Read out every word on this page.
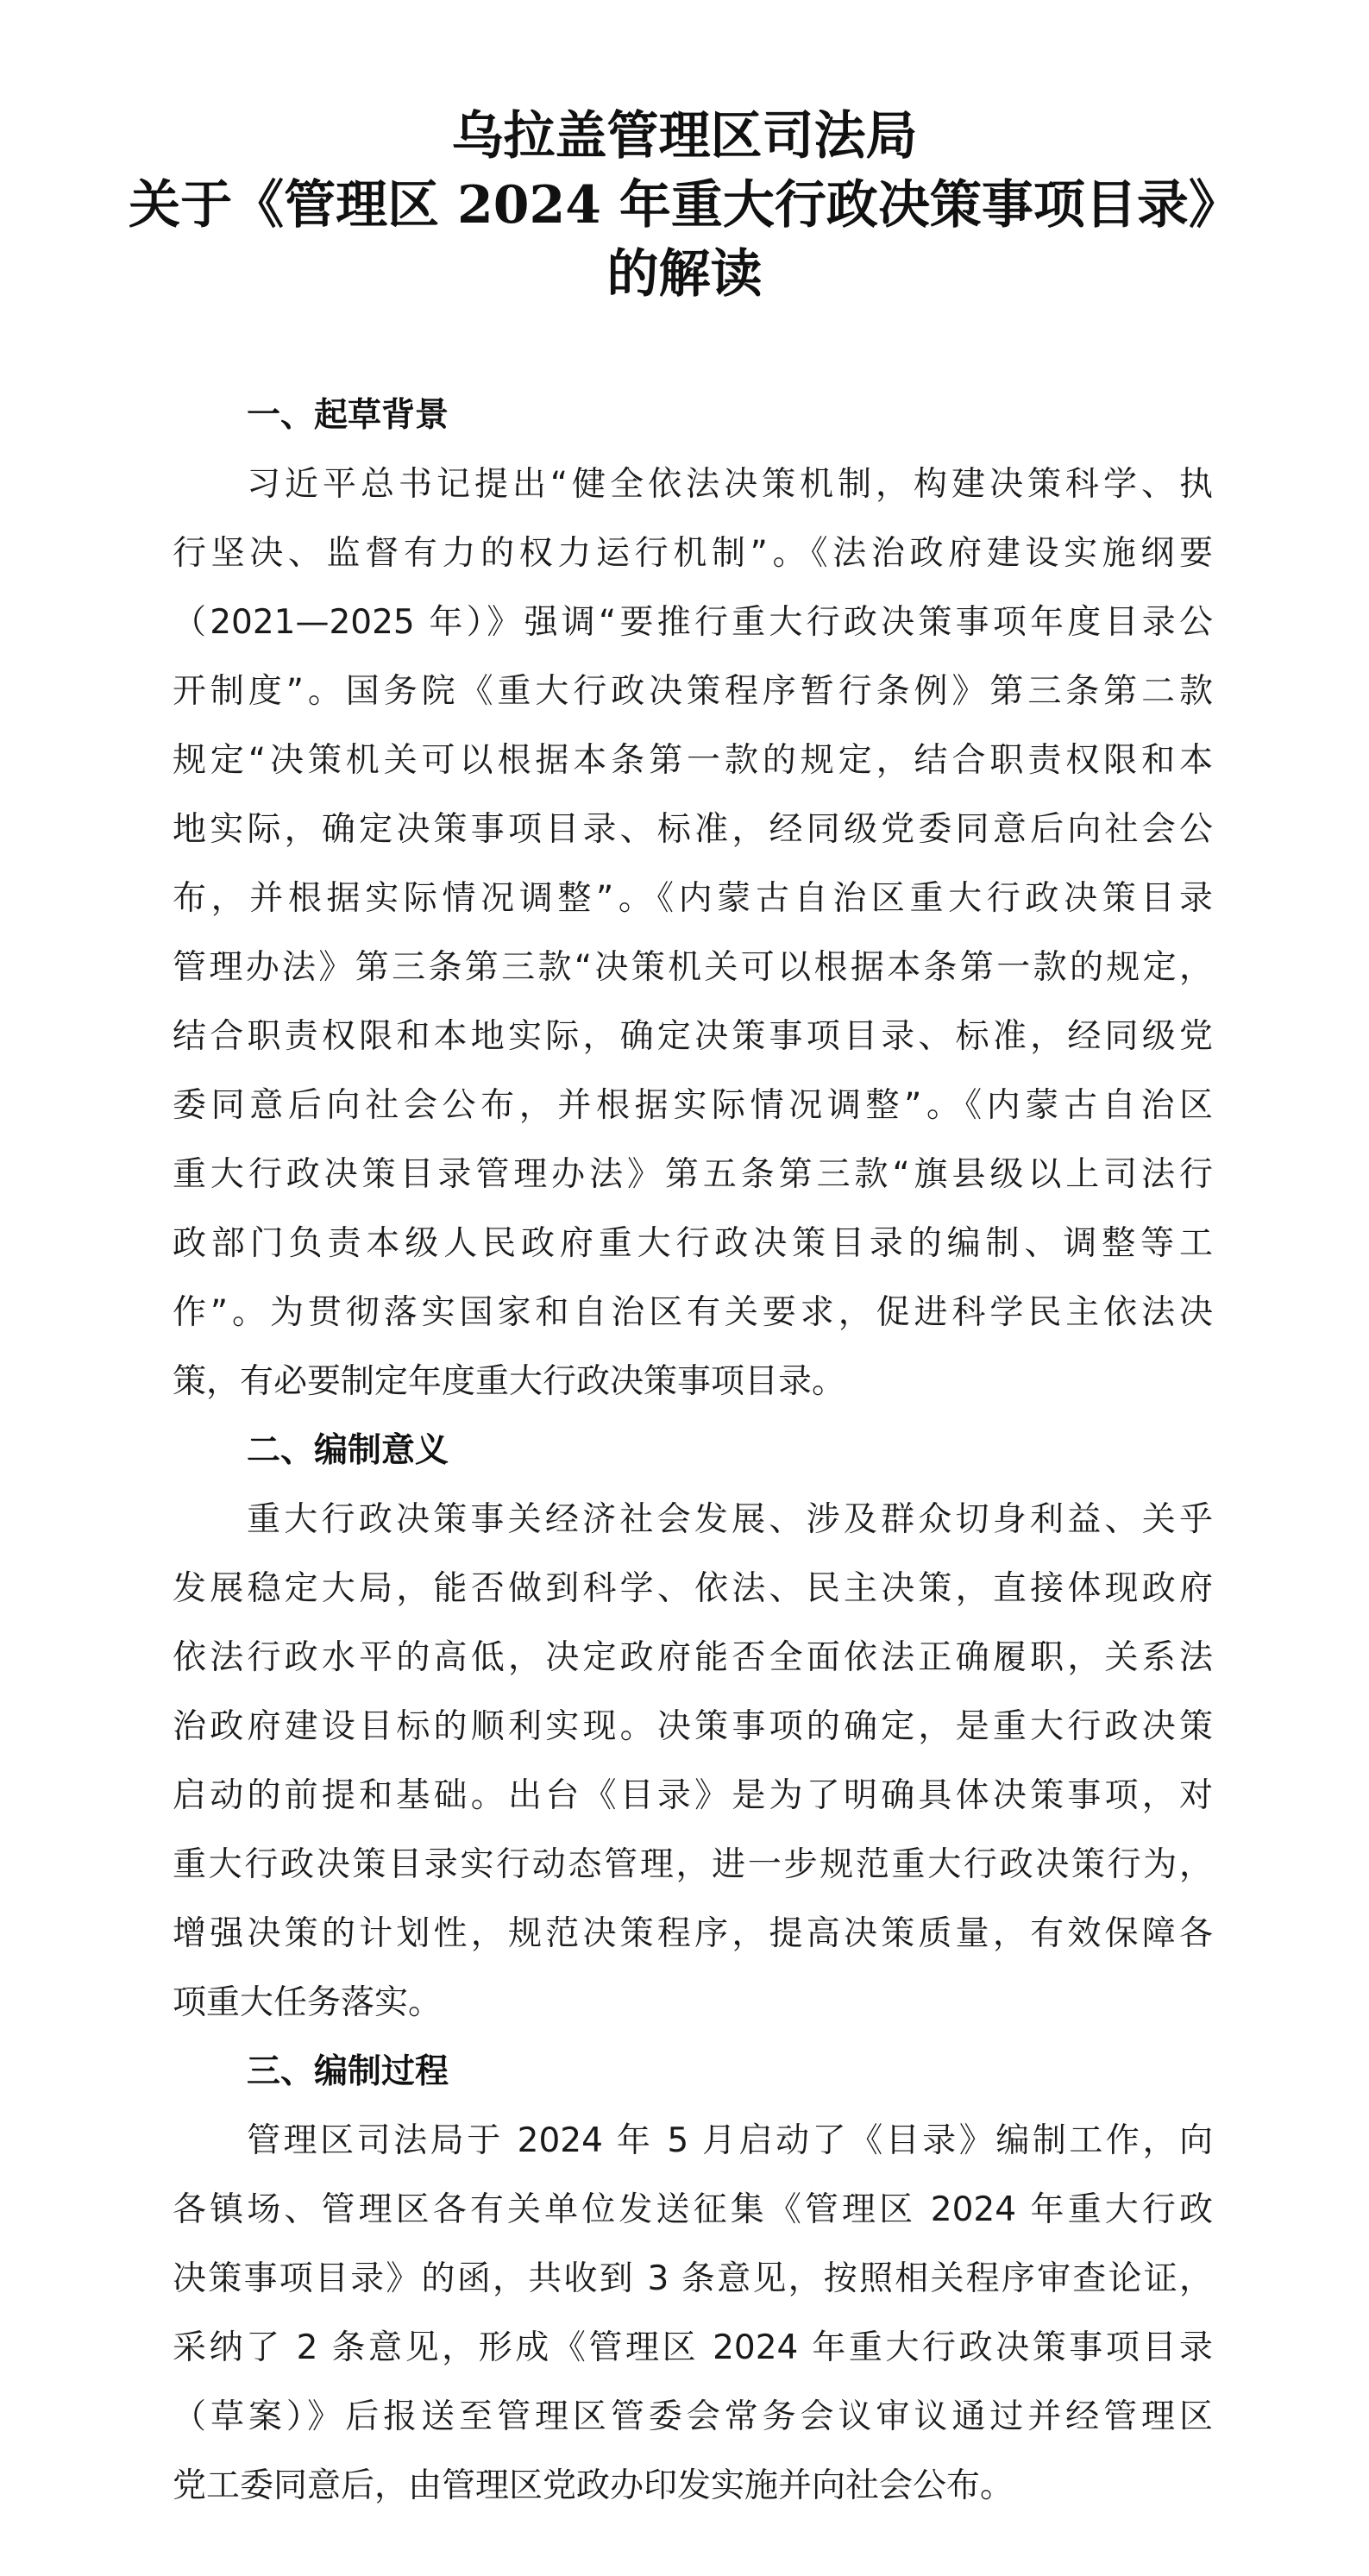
乌拉盖管理区司法局
关于《管理区 2024 年重大行政决策事项目录》
的解读
一、起草背景
习近平总书记提出“健全依法决策机制，构建决策科学、执
行坚决、监督有力的权力运行机制”。《法治政府建设实施纲要
（2021—2025 年）》强调“要推行重大行政决策事项年度目录公
开制度”。国务院《重大行政决策程序暂行条例》第三条第二款
规定“决策机关可以根据本条第一款的规定，结合职责权限和本
地实际，确定决策事项目录、标准，经同级党委同意后向社会公
布，并根据实际情况调整”。《内蒙古自治区重大行政决策目录
管理办法》第三条第三款“决策机关可以根据本条第一款的规定，
结合职责权限和本地实际，确定决策事项目录、标准，经同级党
委同意后向社会公布，并根据实际情况调整”。《内蒙古自治区
重大行政决策目录管理办法》第五条第三款“旗县级以上司法行
政部门负责本级人民政府重大行政决策目录的编制、调整等工
作”。为贯彻落实国家和自治区有关要求，促进科学民主依法决
策，有必要制定年度重大行政决策事项目录。
二、编制意义
重大行政决策事关经济社会发展、涉及群众切身利益、关乎
发展稳定大局，能否做到科学、依法、民主决策，直接体现政府
依法行政水平的高低，决定政府能否全面依法正确履职，关系法
治政府建设目标的顺利实现。决策事项的确定，是重大行政决策
启动的前提和基础。出台《目录》是为了明确具体决策事项，对
重大行政决策目录实行动态管理，进一步规范重大行政决策行为，
增强决策的计划性，规范决策程序，提高决策质量，有效保障各
项重大任务落实。
三、编制过程
管理区司法局于 2024 年 5 月启动了《目录》编制工作，向
各镇场、管理区各有关单位发送征集《管理区 2024 年重大行政
决策事项目录》的函，共收到 3 条意见，按照相关程序审查论证，
采纳了 2 条意见，形成《管理区 2024 年重大行政决策事项目录
（草案）》后报送至管理区管委会常务会议审议通过并经管理区
党工委同意后，由管理区党政办印发实施并向社会公布。
